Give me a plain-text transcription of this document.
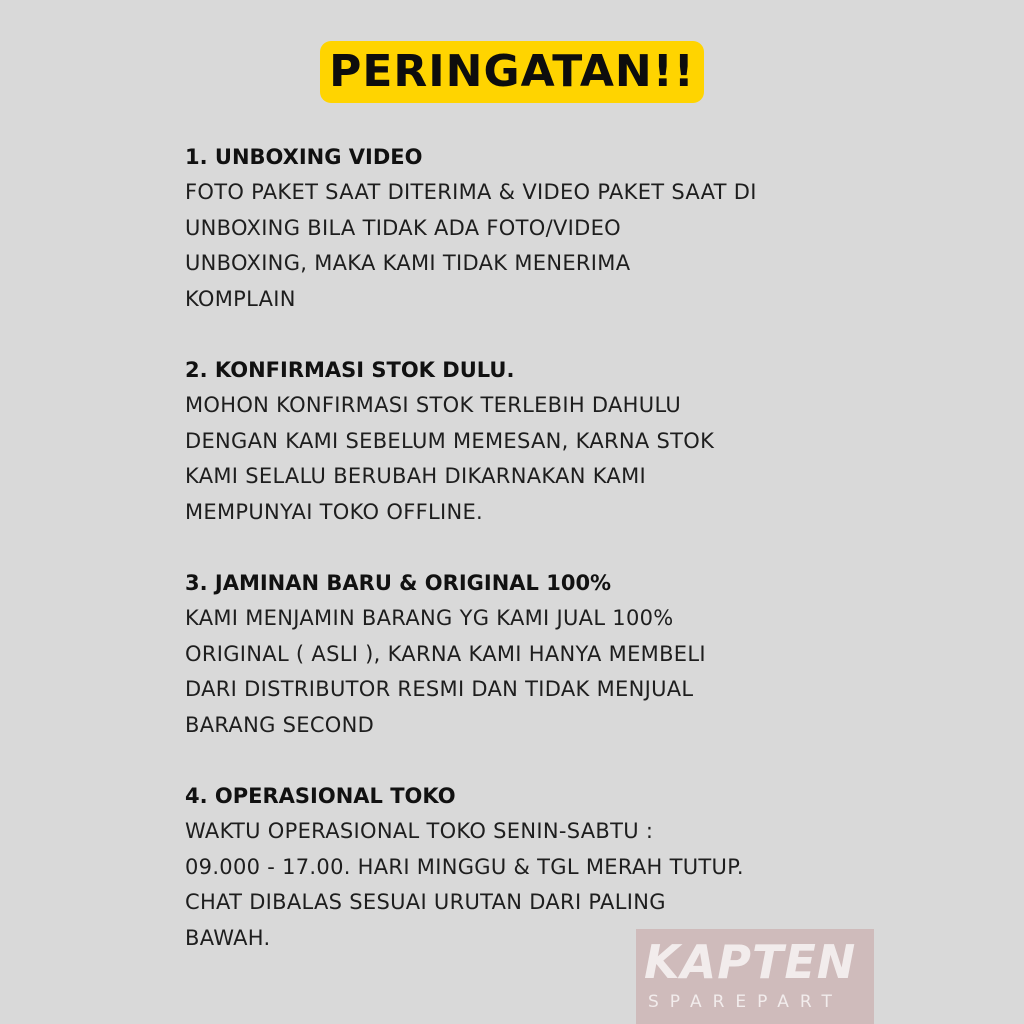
PERINGATAN!!
1. UNBOXING VIDEO
FOTO PAKET SAAT DITERIMA & VIDEO PAKET SAAT DI
UNBOXING BILA TIDAK ADA FOTO/VIDEO
UNBOXING, MAKA KAMI TIDAK MENERIMA
KOMPLAIN
2. KONFIRMASI STOK DULU.
MOHON KONFIRMASI STOK TERLEBIH DAHULU
DENGAN KAMI SEBELUM MEMESAN, KARNA STOK
KAMI SELALU BERUBAH DIKARNAKAN KAMI
MEMPUNYAI TOKO OFFLINE.
3. JAMINAN BARU & ORIGINAL 100%
KAMI MENJAMIN BARANG YG KAMI JUAL 100%
ORIGINAL ( ASLI ), KARNA KAMI HANYA MEMBELI
DARI DISTRIBUTOR RESMI DAN TIDAK MENJUAL
BARANG SECOND
4. OPERASIONAL TOKO
WAKTU OPERASIONAL TOKO SENIN-SABTU :
09.000 - 17.00. HARI MINGGU & TGL MERAH TUTUP.
CHAT DIBALAS SESUAI URUTAN DARI PALING
BAWAH.	KAPTEN
SPAREPART
